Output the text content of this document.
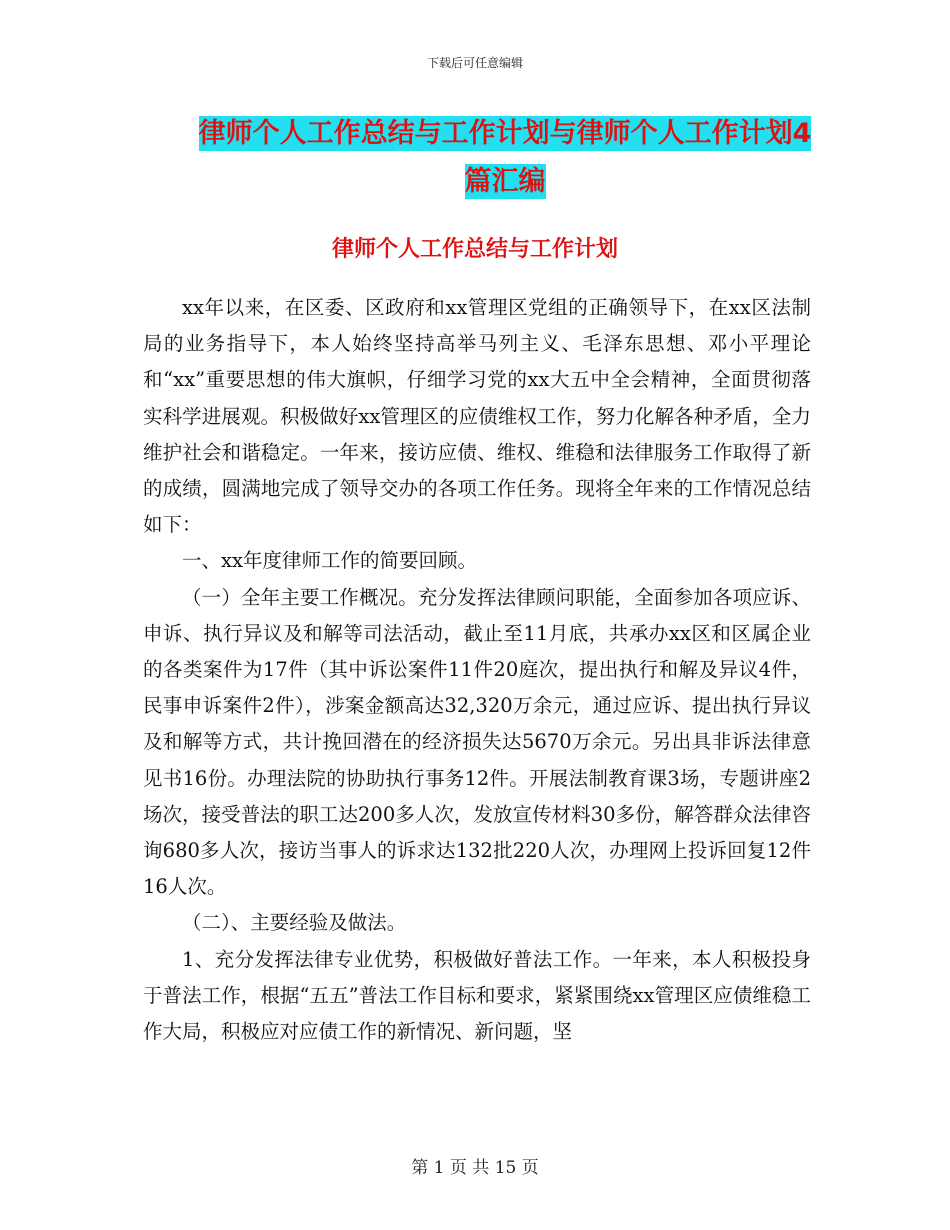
下载后可任意编辑
律师个人工作总结与工作计划与律师个人工作计划4
篇汇编
律师个人工作总结与工作计划

xx年以来，在区委、区政府和xx管理区党组的正确领导下，在xx区法制局的业务指导下，本人始终坚持高举马列主义、毛泽东思想、邓小平理论和“xx”重要思想的伟大旗帜，仔细学习党的xx大五中全会精神，全面贯彻落实科学进展观。积极做好xx管理区的应债维权工作，努力化解各种矛盾，全力维护社会和谐稳定。一年来，接访应债、维权、维稳和法律服务工作取得了新的成绩，圆满地完成了领导交办的各项工作任务。现将全年来的工作情况总结如下：

一、xx年度律师工作的简要回顾。

（一）全年主要工作概况。充分发挥法律顾问职能，全面参加各项应诉、申诉、执行异议及和解等司法活动，截止至11月底，共承办xx区和区属企业的各类案件为17件（其中诉讼案件11件20庭次，提出执行和解及异议4件，民事申诉案件2件），涉案金额高达32,320万余元，通过应诉、提出执行异议及和解等方式，共计挽回潜在的经济损失达5670万余元。另出具非诉法律意见书16份。办理法院的协助执行事务12件。开展法制教育课3场，专题讲座2场次，接受普法的职工达200多人次，发放宣传材料30多份，解答群众法律咨询680多人次，接访当事人的诉求达132批220人次，办理网上投诉回复12件16人次。

（二）、主要经验及做法。

1、充分发挥法律专业优势，积极做好普法工作。一年来，本人积极投身于普法工作，根据“五五”普法工作目标和要求，紧紧围绕xx管理区应债维稳工作大局，积极应对应债工作的新情况、新问题，坚

第 1 页 共 15 页
